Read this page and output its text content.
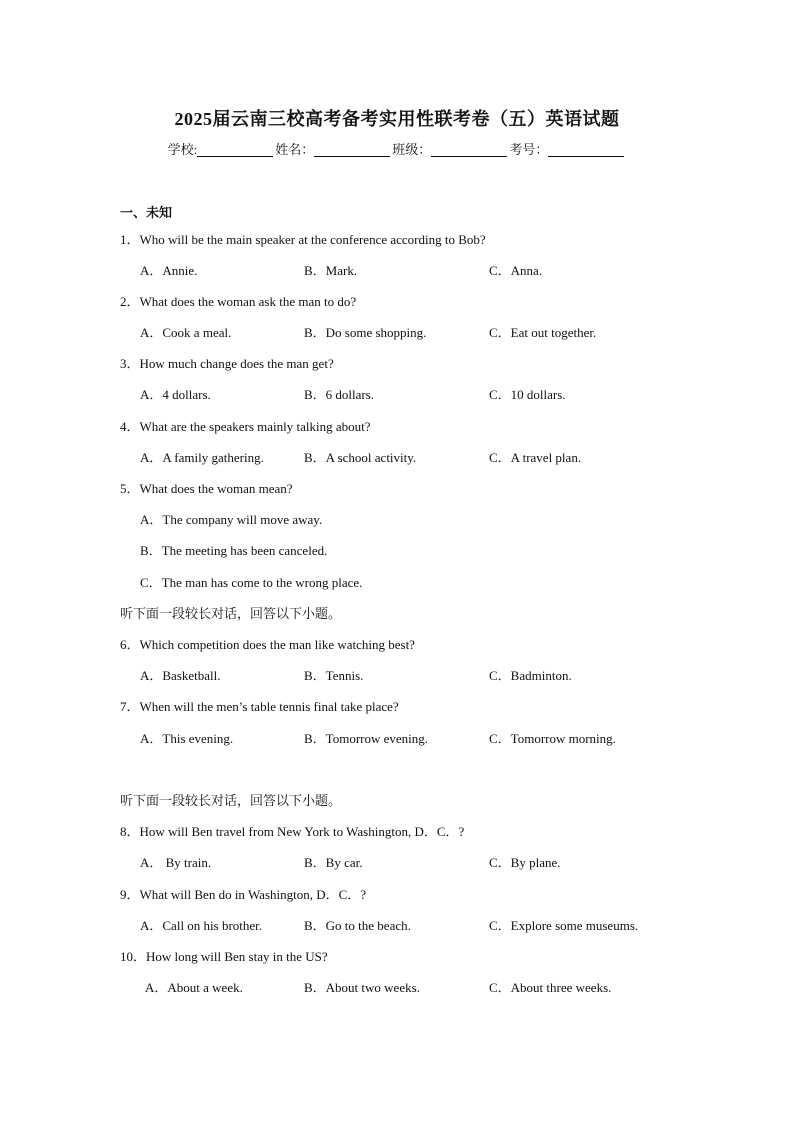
2025届云南三校高考备考实用性联考卷（五）英语试题
学校:	姓名：	班级：	考号：
一、未知
1．Who will be the main speaker at the conference according to Bob?
A．Annie.	B．Mark.	C．Anna.
2．What does the woman ask the man to do?
A．Cook a meal.	B．Do some shopping.	C．Eat out together.
3．How much change does the man get?
A．4 dollars.	B．6 dollars.	C．10 dollars.
4．What are the speakers mainly talking about?
A．A family gathering.	B．A school activity.	C．A travel plan.
5．What does the woman mean?
A．The company will move away.
B．The meeting has been canceled.
C．The man has come to the wrong place.
听下面一段较长对话，回答以下小题。
6．Which competition does the man like watching best?
A．Basketball.	B．Tennis.	C．Badminton.
7．When will the men’s table tennis final take place?
A．This evening.	B．Tomorrow evening.	C．Tomorrow morning.
听下面一段较长对话，回答以下小题。
8．How will Ben travel from New York to Washington, D．C．?
A． By train.	B．By car.	C．By plane.
9．What will Ben do in Washington, D．C．?
A．Call on his brother.	B．Go to the beach.	C．Explore some museums.
10．How long will Ben stay in the US?
A．About a week.	B．About two weeks.	C．About three weeks.
